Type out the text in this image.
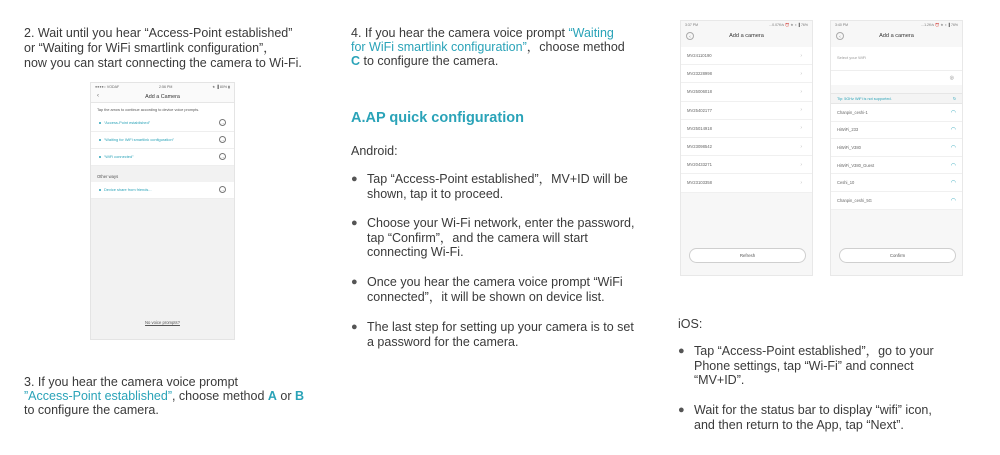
2. Wait until you hear “Access-Point established”
or “Waiting for WiFi smartlink configuration”，
now you can start connecting the camera to Wi-Fi.
●●●●○ VODAF	2:56 PM	★ ▐ 80% ▮
‹	Add a Camera
Tap the arrow to continue according to device voice prompts.
“Access-Point established”	→
“Waiting for WiFi smartlink configuration”	→
“WiFi connected”	→
Other ways
Device share from friends...	→
No voice prompts?
3. If you hear the camera voice prompt
”Access-Point established”, choose method A or B
to configure the camera.
4. If you hear the camera voice prompt “Waiting
for WiFi smartlink configuration”，choose method
C to configure the camera.
A.AP quick configuration
Android:
● Tap “Access-Point established”，MV+ID will be
shown, tap it to proceed.
● Choose your Wi-Fi network, enter the password,
tap “Confirm”，and the camera will start
connecting Wi-Fi.
● Once you hear the camera voice prompt “WiFi
connected”，it will be shown on device list.
● The last step for setting up your camera is to set
a password for the camera.
3:37 PM	...0.07K/s ⏰ ★ ◑ ▐ 76%
‹	Add a camera
MV24110190	›
MV23228998	›
MV25006018	›
MV25402177	›
MV25014918	›
MV23098542	›
MV20433271	›
MV23103358	›
Refresh
3:40 PM	...1.2K/s ⏰ ★ ◑ ▐ 76%
‹	Add a camera
Select your WiFi
◎
Tip: 5GHz WiFi is not supported.	↻
Chanpin_ceshi-1	◠
HiWiFi_233	◠
HiWiFi_V380	◠
HiWiFi_V380_Guest	◠
Ceshi_10	◠
Chanpin_ceshi_5G	◠
Confirm
iOS:
● Tap “Access-Point established”，go to your
Phone settings, tap “Wi-Fi” and connect
“MV+ID”.
● Wait for the status bar to display “wifi” icon,
and then return to the App, tap “Next”.
